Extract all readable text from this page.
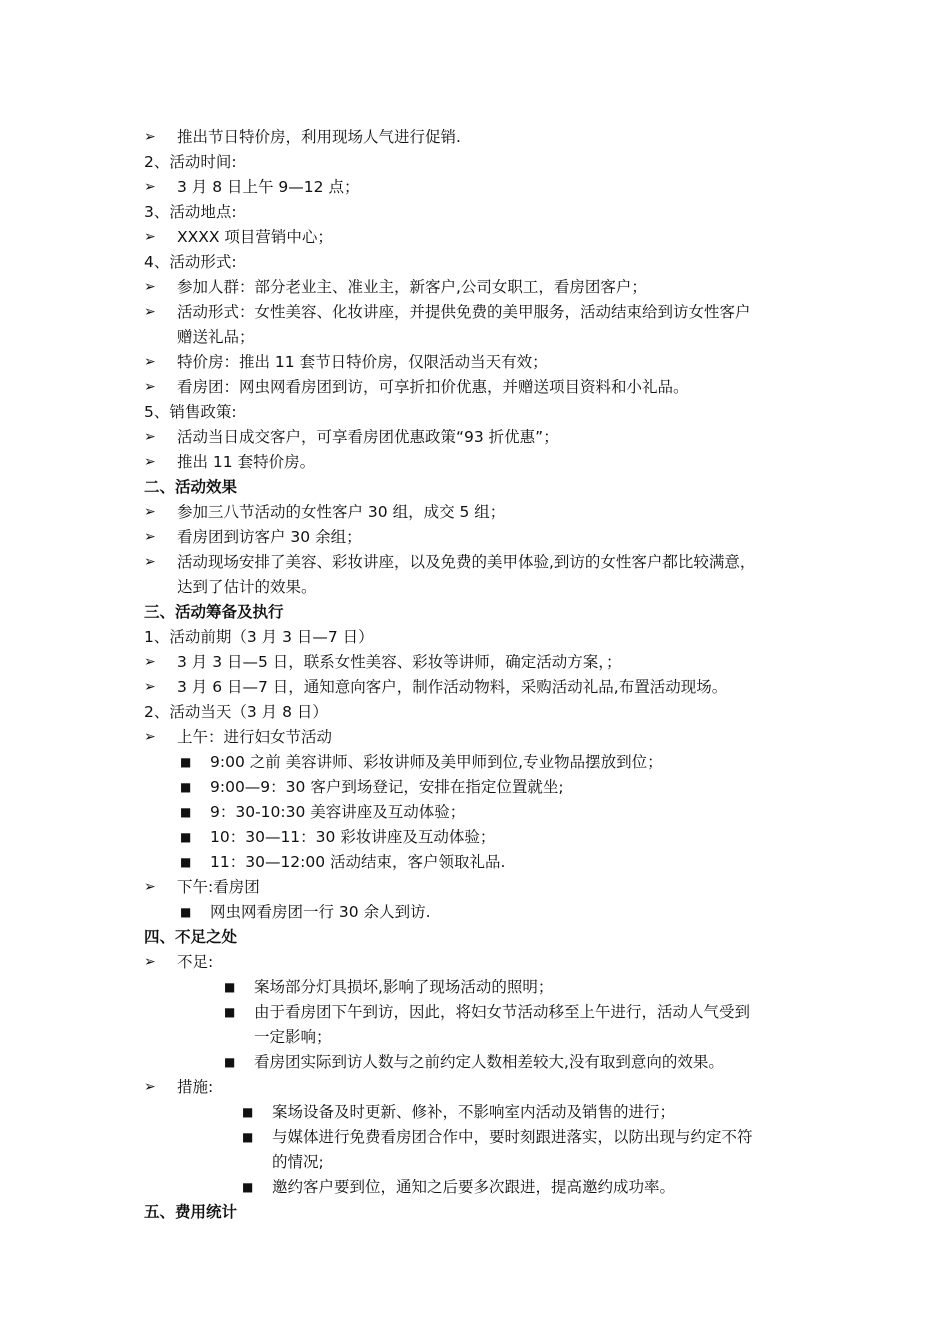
➢	推出节日特价房，利用现场人气进行促销.
2、活动时间:
➢	3 月 8 日上午 9—12 点；
3、活动地点:
➢	XXXX 项目营销中心；
4、活动形式:
➢	参加人群：部分老业主、准业主，新客户,公司女职工，看房团客户；
➢	活动形式：女性美容、化妆讲座，并提供免费的美甲服务，活动结束给到访女性客户
赠送礼品；
➢	特价房：推出 11 套节日特价房，仅限活动当天有效；
➢	看房团：网虫网看房团到访，可享折扣价优惠，并赠送项目资料和小礼品。
5、销售政策:
➢	活动当日成交客户，可享看房团优惠政策“93 折优惠”；
➢	推出 11 套特价房。
二、活动效果
➢	参加三八节活动的女性客户 30 组，成交 5 组；
➢	看房团到访客户 30 余组；
➢	活动现场安排了美容、彩妆讲座，以及免费的美甲体验,到访的女性客户都比较满意，
达到了估计的效果。
三、活动筹备及执行
1、活动前期（3 月 3 日—7 日）
➢	3 月 3 日—5 日，联系女性美容、彩妆等讲师，确定活动方案，；
➢	3 月 6 日—7 日，通知意向客户，制作活动物料，采购活动礼品,布置活动现场。
2、活动当天（3 月 8 日）
➢	上午：进行妇女节活动
■	9:00 之前 美容讲师、彩妆讲师及美甲师到位,专业物品摆放到位；
■	9:00—9：30 客户到场登记，安排在指定位置就坐;
■	9：30-10:30 美容讲座及互动体验；
■	10：30—11：30 彩妆讲座及互动体验；
■	11：30—12:00 活动结束，客户领取礼品.
➢	下午:看房团
■	网虫网看房团一行 30 余人到访.
四、不足之处
➢	不足:
■	案场部分灯具损坏,影响了现场活动的照明；
■	由于看房团下午到访，因此，将妇女节活动移至上午进行，活动人气受到
一定影响；
■	看房团实际到访人数与之前约定人数相差较大,没有取到意向的效果。
➢	措施:
■	案场设备及时更新、修补，不影响室内活动及销售的进行；
■	与媒体进行免费看房团合作中，要时刻跟进落实，以防出现与约定不符
的情况;
■	邀约客户要到位，通知之后要多次跟进，提高邀约成功率。
五、费用统计
